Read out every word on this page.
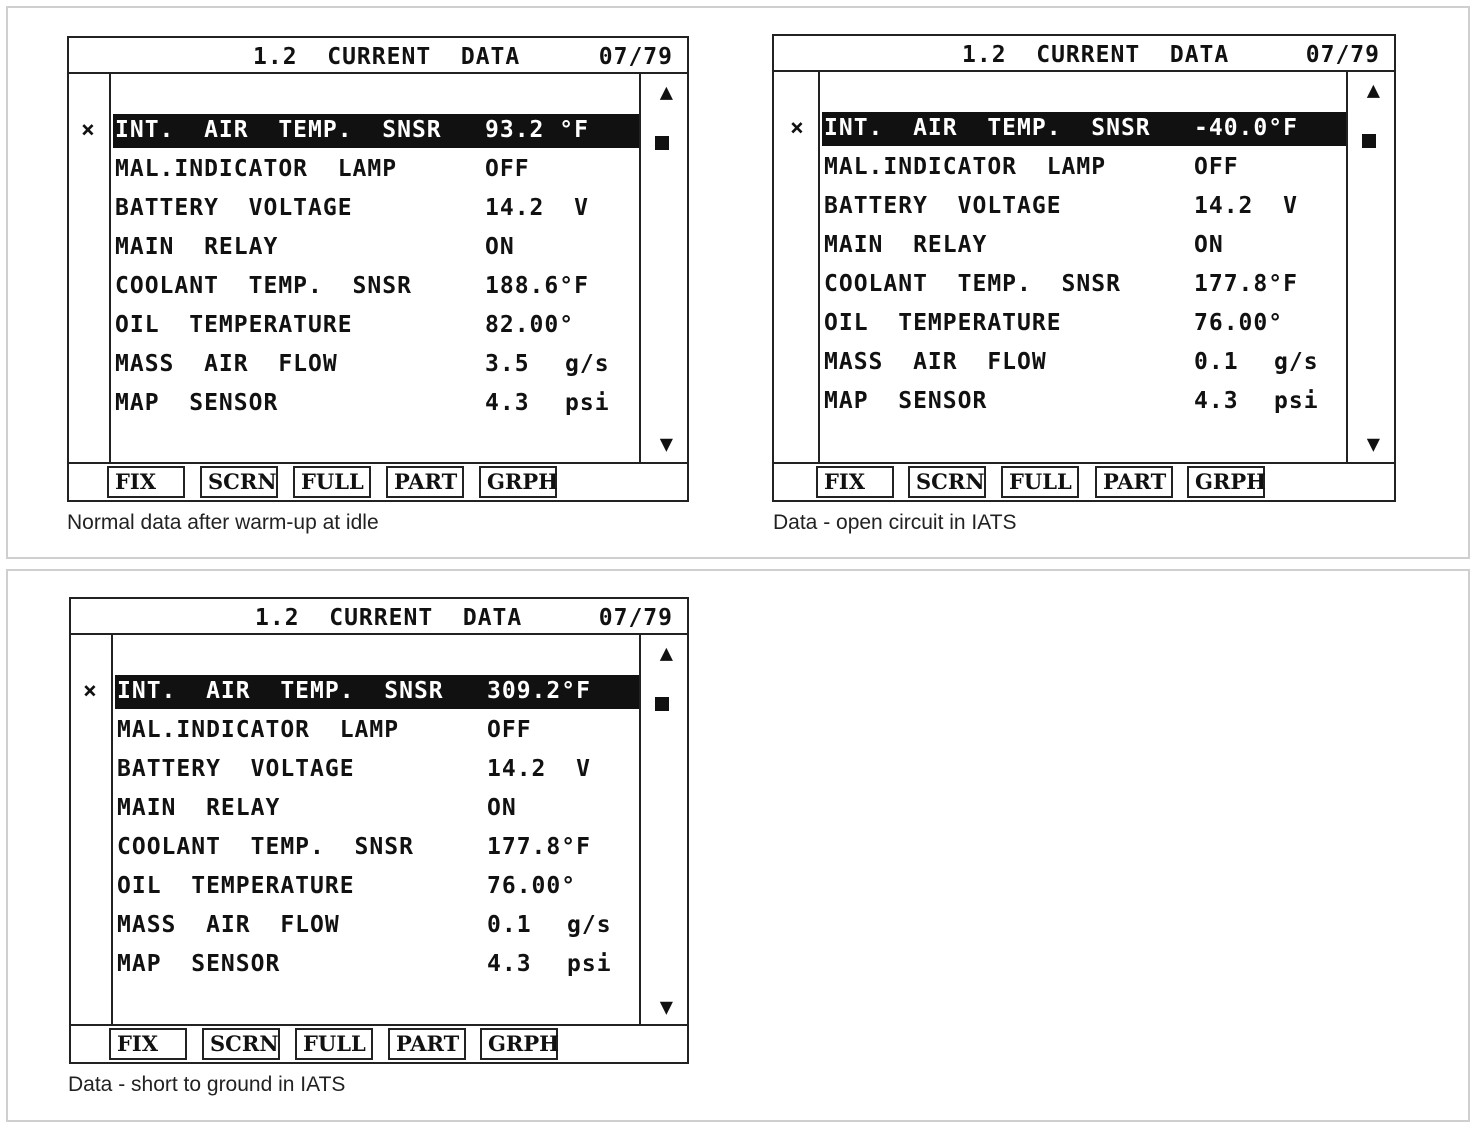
1.2  CURRENT  DATA	07/79
× INT.  AIR  TEMP.  SNSR 93.2 °F
MAL.INDICATOR  LAMP	OFF
BATTERY  VOLTAGE	14.2  V
MAIN  RELAY	ON
COOLANT  TEMP.  SNSR	188.6°F
OIL  TEMPERATURE	82.00°
MASS  AIR  FLOW	3.5 g/s
MAP  SENSOR	4.3 psi
▲
▼
FIX	SCRN	FULL	PART	GRPH
Normal data after warm-up at idle
1.2  CURRENT  DATA	07/79
× INT.  AIR  TEMP.  SNSR -40.0°F
MAL.INDICATOR  LAMP	OFF
BATTERY  VOLTAGE	14.2  V
MAIN  RELAY	ON
COOLANT  TEMP.  SNSR	177.8°F
OIL  TEMPERATURE	76.00°
MASS  AIR  FLOW	0.1 g/s
MAP  SENSOR	4.3 psi
▲
▼
FIX	SCRN	FULL	PART	GRPH
Data - open circuit in IATS
1.2  CURRENT  DATA	07/79
× INT.  AIR  TEMP.  SNSR 309.2°F
MAL.INDICATOR  LAMP	OFF
BATTERY  VOLTAGE	14.2  V
MAIN  RELAY	ON
COOLANT  TEMP.  SNSR	177.8°F
OIL  TEMPERATURE	76.00°
MASS  AIR  FLOW	0.1 g/s
MAP  SENSOR	4.3 psi
▲
▼
FIX	SCRN	FULL	PART	GRPH
Data - short to ground in IATS
